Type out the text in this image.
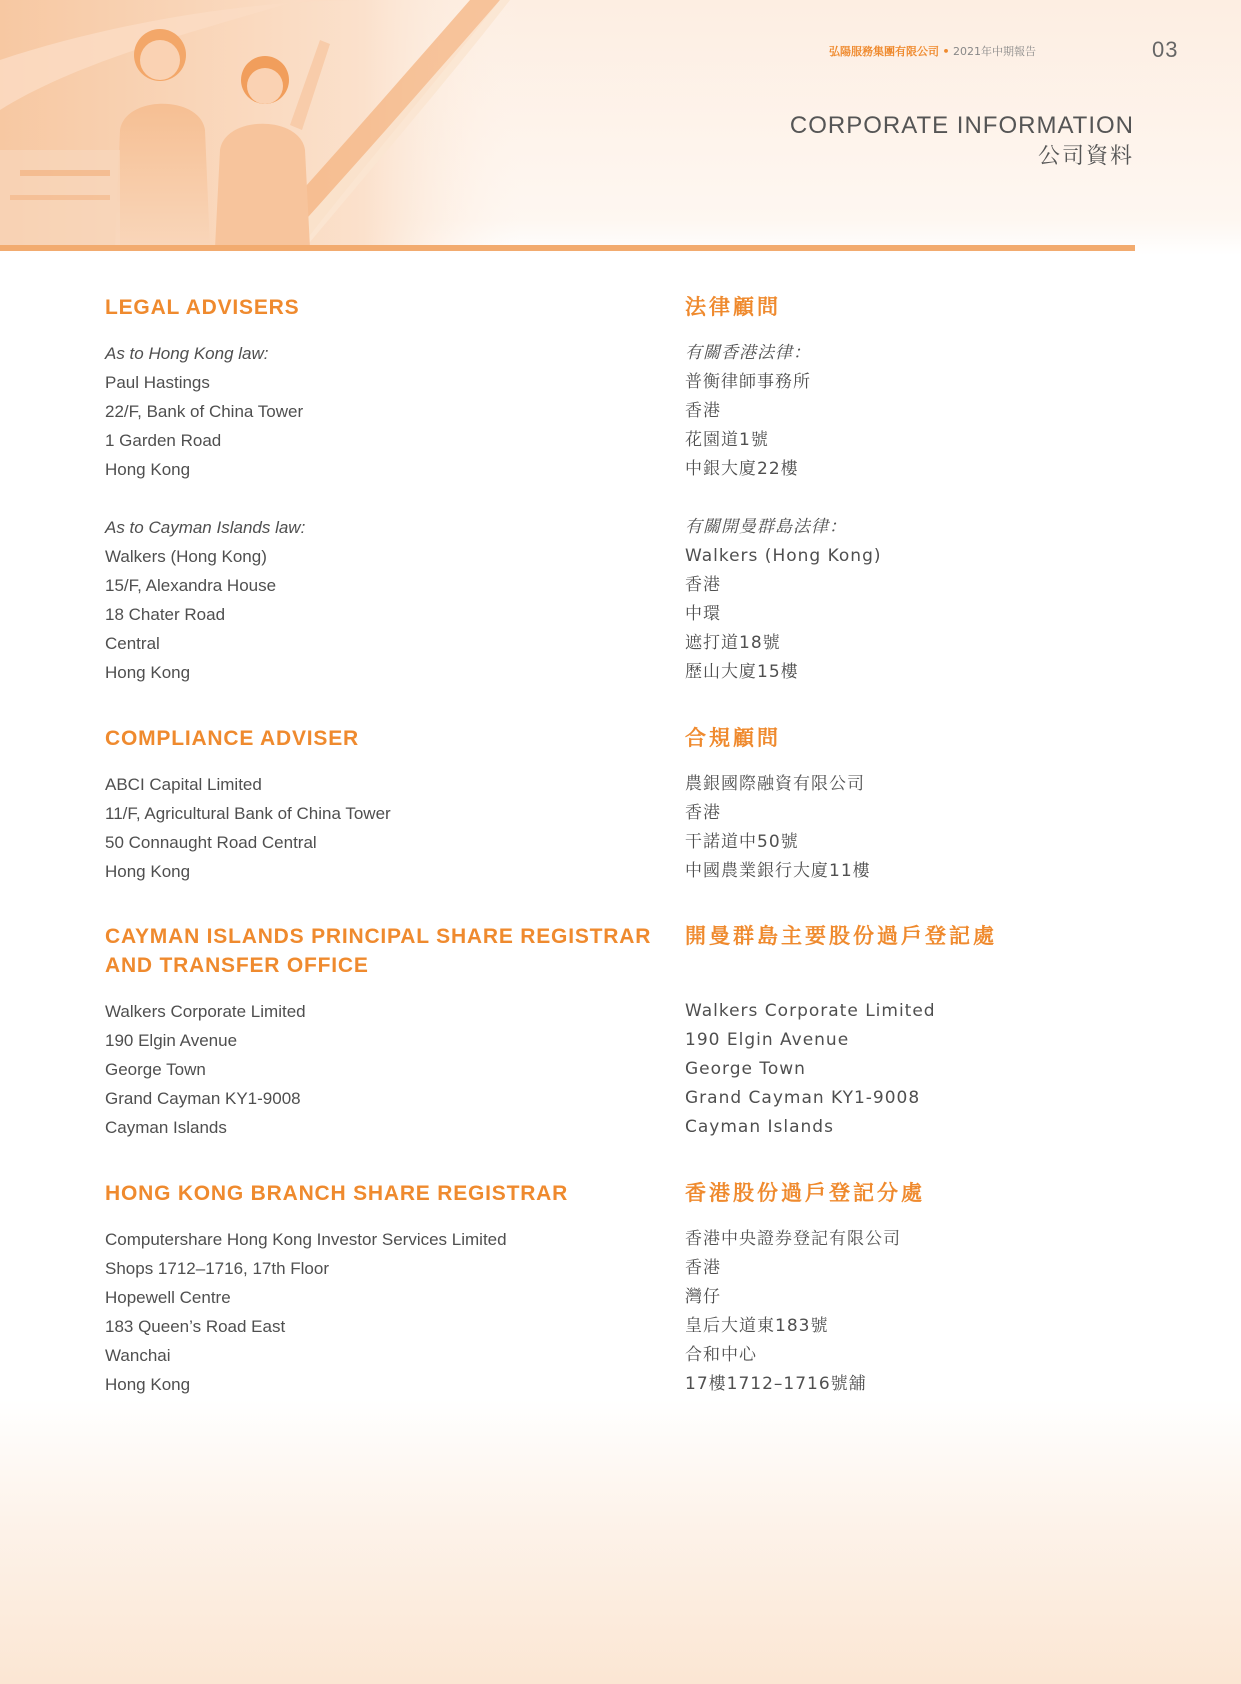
弘陽服務集團有限公司 • 2021年中期報告	03
CORPORATE INFORMATION
公司資料
LEGAL ADVISERS
As to Hong Kong law:
Paul Hastings
22/F, Bank of China Tower
1 Garden Road
Hong Kong
As to Cayman Islands law:
Walkers (Hong Kong)
15/F, Alexandra House
18 Chater Road
Central
Hong Kong
COMPLIANCE ADVISER
ABCI Capital Limited
11/F, Agricultural Bank of China Tower
50 Connaught Road Central
Hong Kong
CAYMAN ISLANDS PRINCIPAL SHARE REGISTRAR
AND TRANSFER OFFICE
Walkers Corporate Limited
190 Elgin Avenue
George Town
Grand Cayman KY1-9008
Cayman Islands
HONG KONG BRANCH SHARE REGISTRAR
Computershare Hong Kong Investor Services Limited
Shops 1712–1716, 17th Floor
Hopewell Centre
183 Queen’s Road East
Wanchai
Hong Kong
法律顧問
有關香港法律：
普衡律師事務所
香港
花園道1號
中銀大廈22樓
有關開曼群島法律：
Walkers (Hong Kong)
香港
中環
遮打道18號
歷山大廈15樓
合規顧問
農銀國際融資有限公司
香港
干諾道中50號
中國農業銀行大廈11樓
開曼群島主要股份過戶登記處
Walkers Corporate Limited
190 Elgin Avenue
George Town
Grand Cayman KY1-9008
Cayman Islands
香港股份過戶登記分處
香港中央證券登記有限公司
香港
灣仔
皇后大道東183號
合和中心
17樓1712–1716號舖
